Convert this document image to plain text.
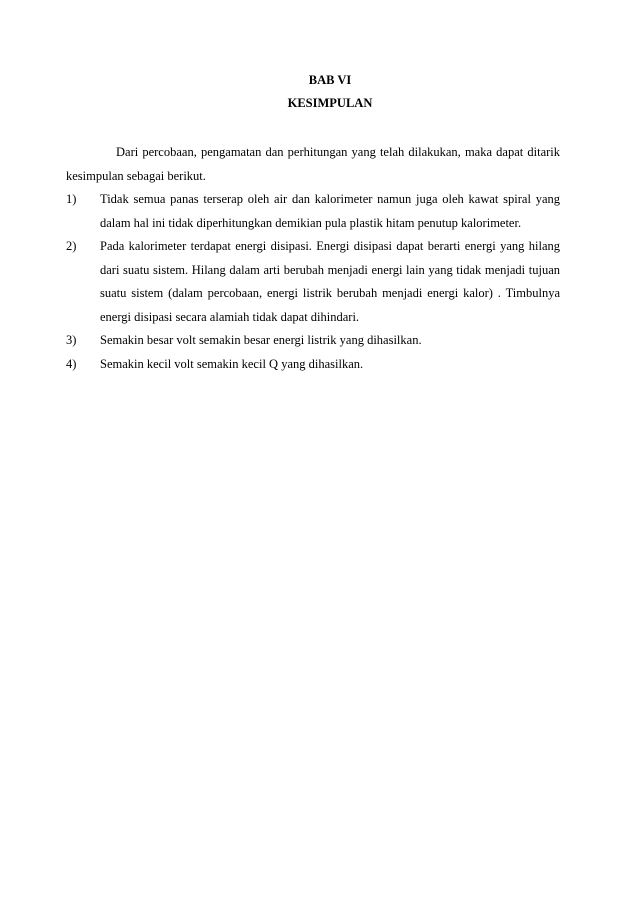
BAB VI
KESIMPULAN

Dari percobaan, pengamatan dan perhitungan yang telah dilakukan, maka dapat ditarik kesimpulan sebagai berikut.

1) Tidak semua panas terserap oleh air dan kalorimeter namun juga oleh kawat spiral yang dalam hal ini tidak diperhitungkan demikian pula plastik hitam penutup kalorimeter.
2) Pada kalorimeter terdapat energi disipasi. Energi disipasi dapat berarti energi yang hilang dari suatu sistem. Hilang dalam arti berubah menjadi energi lain yang tidak menjadi tujuan suatu sistem (dalam percobaan, energi listrik berubah menjadi energi kalor) . Timbulnya energi disipasi secara alamiah tidak dapat dihindari.
3) Semakin besar volt semakin besar energi listrik yang dihasilkan.
4) Semakin kecil volt semakin kecil Q yang dihasilkan.
